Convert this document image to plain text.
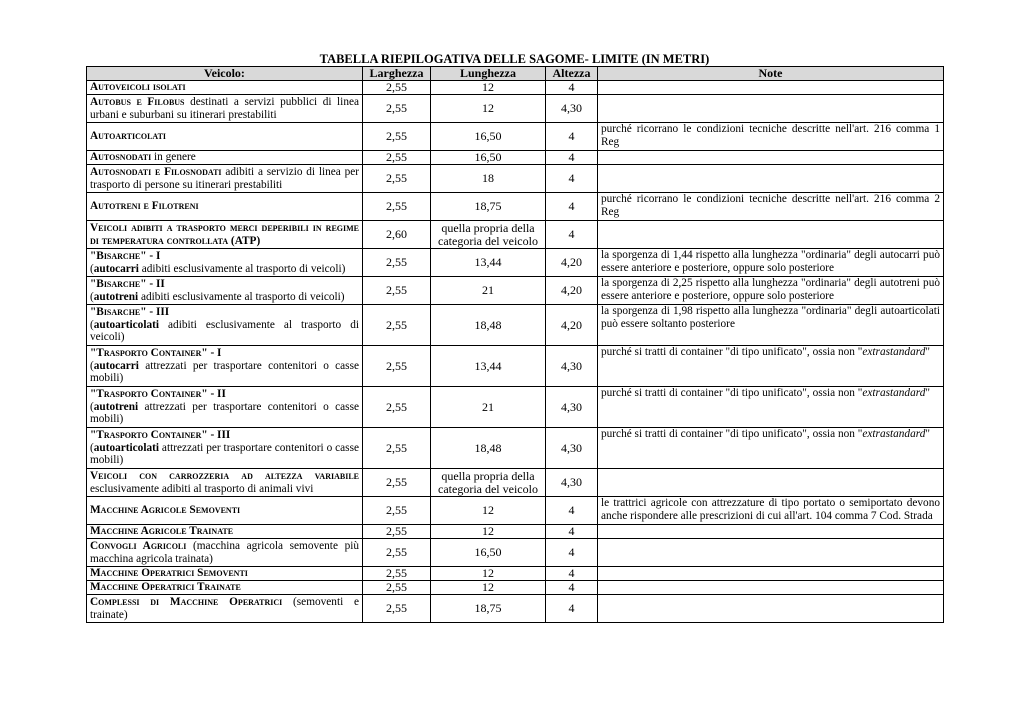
TABELLA RIEPILOGATIVA DELLE SAGOME- LIMITE (IN METRI)
Veicolo:	Larghezza	Lunghezza	Altezza	Note
Autoveicoli isolati	2,55	12	4	
Autobus e Filobus destinati a servizi pubblici di linea urbani e suburbani su itinerari prestabiliti	2,55	12	4,30	
Autoarticolati	2,55	16,50	4	purché ricorrano le condizioni tecniche descritte nell'art. 216 comma 1 Reg
Autosnodati in genere	2,55	16,50	4	
Autosnodati e Filosnodati adibiti a servizio di linea per trasporto di persone su itinerari prestabiliti	2,55	18	4	
Autotreni e Filotreni	2,55	18,75	4	purché ricorrano le condizioni tecniche descritte nell'art. 216 comma 2 Reg
Veicoli adibiti a trasporto merci deperibili in regime di temperatura controllata (ATP)	2,60	quella propria della categoria del veicolo	4	
"Bisarche" - I
(autocarri adibiti esclusivamente al trasporto di veicoli)	2,55	13,44	4,20	la sporgenza di 1,44 rispetto alla lunghezza "ordinaria" degli autocarri può essere anteriore e posteriore, oppure solo posteriore
"Bisarche" - II
(autotreni adibiti esclusivamente al trasporto di veicoli)	2,55	21	4,20	la sporgenza di 2,25 rispetto alla lunghezza "ordinaria" degli autotreni può essere anteriore e posteriore, oppure solo posteriore
"Bisarche" - III
(autoarticolati adibiti esclusivamente al trasporto di veicoli)	2,55	18,48	4,20	la sporgenza di 1,98 rispetto alla lunghezza "ordinaria" degli autoarticolati può essere soltanto posteriore
"Trasporto Container" - I
(autocarri attrezzati per trasportare contenitori o casse mobili)	2,55	13,44	4,30	purché si tratti di container "di tipo unificato", ossia non "extrastandard"
"Trasporto Container" - II
(autotreni attrezzati per trasportare contenitori o casse mobili)	2,55	21	4,30	purché si tratti di container "di tipo unificato", ossia non "extrastandard"
"Trasporto Container" - III
(autoarticolati attrezzati per trasportare contenitori o casse mobili)	2,55	18,48	4,30	purché si tratti di container "di tipo unificato", ossia non "extrastandard"
Veicoli con carrozzeria ad altezza variabile esclusivamente adibiti al trasporto di animali vivi	2,55	quella propria della categoria del veicolo	4,30	
Macchine Agricole Semoventi	2,55	12	4	le trattrici agricole con attrezzature di tipo portato o semiportato devono anche rispondere alle prescrizioni di cui all'art. 104 comma 7 Cod. Strada
Macchine Agricole Trainate	2,55	12	4	
Convogli Agricoli (macchina agricola semovente più macchina agricola trainata)	2,55	16,50	4	
Macchine Operatrici Semoventi	2,55	12	4	
Macchine Operatrici Trainate	2,55	12	4	
Complessi di Macchine Operatrici (semoventi e trainate)	2,55	18,75	4	
